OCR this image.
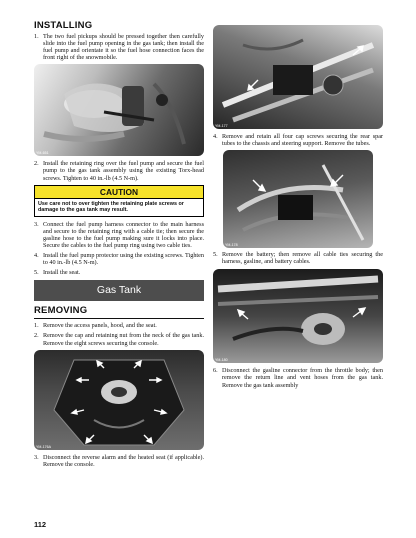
INSTALLING
1. The two fuel pickups should be pressed together then carefully slide into the fuel pump opening in the gas tank; then install the fuel pump and orientate it so the fuel hose connection faces the front right of the snowmobile.
YM-651
2. Install the retaining ring over the fuel pump and secure the fuel pump to the gas tank assembly using the existing Torx-head screws. Tighten to 40 in.-lb (4.5 N-m).
CAUTION
Use care not to over tighten the retaining plate screws or damage to the gas tank may result.
3. Connect the fuel pump harness connector to the main harness and secure to the retaining ring with a cable tie; then secure the gasline hose to the fuel pump making sure it locks into place. Secure the cables to the fuel pump ring using two cable ties.
4. Install the fuel pump protector using the existing screws. Tighten to 40 in.-lb (4.5 N-m).
5. Install the seat.
Gas Tank
REMOVING
1. Remove the access panels, hood, and the seat.
2. Remove the cap and retaining nut from the neck of the gas tank. Remove the eight screws securing the console.
YM-176A
3. Disconnect the reverse alarm and the heated seat (if applicable). Remove the console.
YM-177
4. Remove and retain all four cap screws securing the rear spar tubes to the chassis and steering support. Remove the tubes.
YM-178
5. Remove the battery; then remove all cable ties securing the harness, gasline, and battery cables.
YM-180
6. Disconnect the gasline connector from the throttle body; then remove the return line and vent hoses from the gas tank. Remove the gas tank assembly
112
